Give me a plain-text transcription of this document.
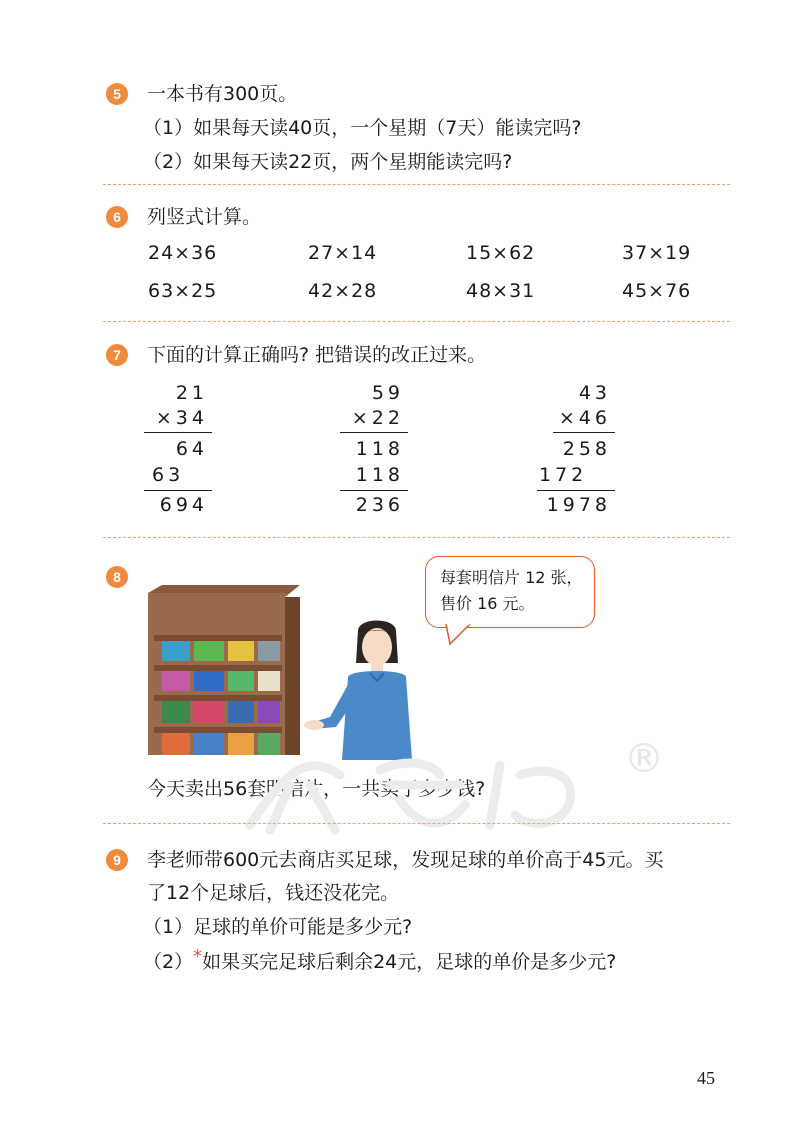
5	一本书有300页。
（1）如果每天读40页，一个星期（7天）能读完吗?
（2）如果每天读22页，两个星期能读完吗?
6	列竖式计算。
24×36	27×14	15×62	37×19
63×25	42×28	48×31	45×76
7	下面的计算正确吗? 把错误的改正过来。
21
×34
64
63
694
59
×22
118
118
236
43
×46
258
172
1978
8	每套明信片 12 张，
售价 16 元。
今天卖出56套明信片，一共卖了多少钱?
®
9	李老师带600元去商店买足球，发现足球的单价高于45元。买
了12个足球后，钱还没花完。
（1）足球的单价可能是多少元?
（2）*如果买完足球后剩余24元，足球的单价是多少元?
45
